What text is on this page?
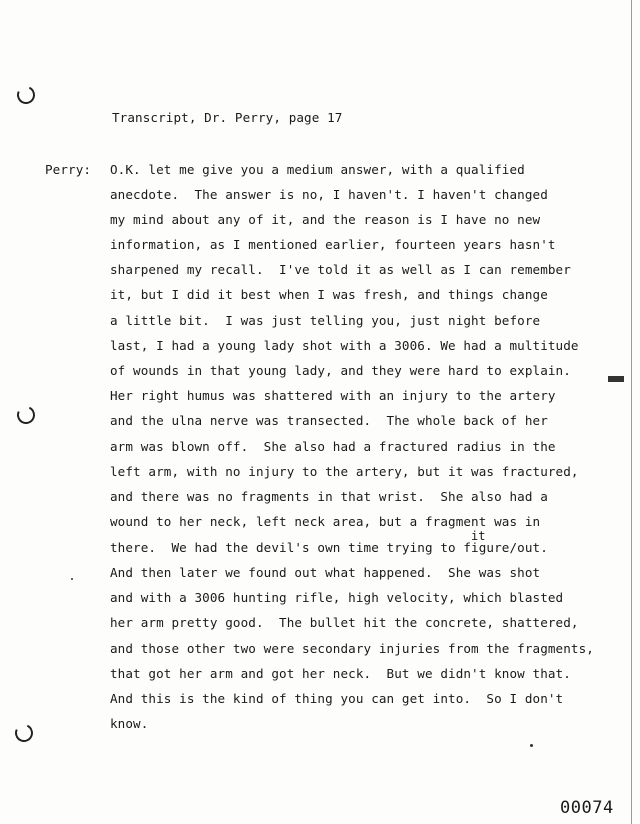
Transcript, Dr. Perry, page 17
Perry: O.K. let me give you a medium answer, with a qualified
anecdote.  The answer is no, I haven't. I haven't changed
my mind about any of it, and the reason is I have no new
information, as I mentioned earlier, fourteen years hasn't
sharpened my recall.  I've told it as well as I can remember
it, but I did it best when I was fresh, and things change
a little bit.  I was just telling you, just night before
last, I had a young lady shot with a 3006. We had a multitude
of wounds in that young lady, and they were hard to explain.
Her right humus was shattered with an injury to the artery
and the ulna nerve was transected.  The whole back of her
arm was blown off.  She also had a fractured radius in the
left arm, with no injury to the artery, but it was fractured,
and there was no fragments in that wrist.  She also had a
wound to her neck, left neck area, but a fragment was in
it
there.  We had the devil's own time trying to figure/out.
And then later we found out what happened.  She was shot
and with a 3006 hunting rifle, high velocity, which blasted
her arm pretty good.  The bullet hit the concrete, shattered,
and those other two were secondary injuries from the fragments,
that got her arm and got her neck.  But we didn't know that.
And this is the kind of thing you can get into.  So I don't
know.
00074
